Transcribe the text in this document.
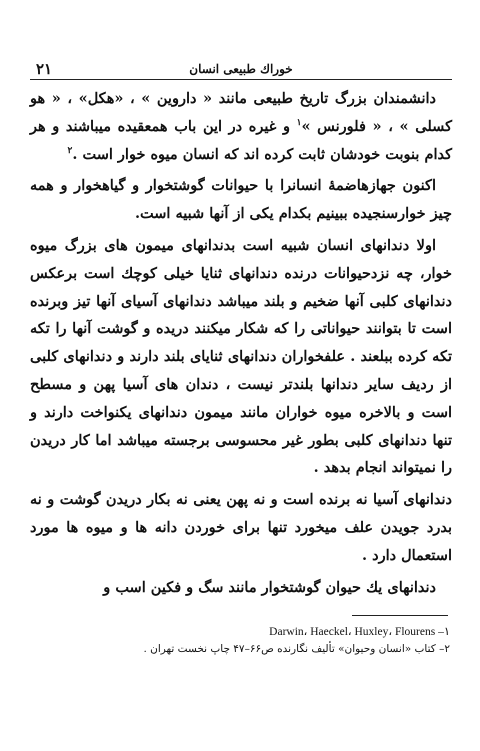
۲۱	خوراك طبیعی انسان

دانشمندان بزرگ تاریخ طبیعی مانند « داروین » ، «هکل» ، « هو کسلی » ، « فلورنس »$^۱$ و غیره در این باب همعقیده میباشند و هر کدام بنوبت خودشان ثابت کرده اند که انسان میوه خوار است .$^۲$

اکنون جهازهاضمهٔ انسانرا با حیوانات گوشتخوار و گیاهخوار و همه چیز خوارسنجیده ببینیم بکدام یکی از آنها شبیه است.

اولا دندانهای انسان شبیه است بدندانهای میمون های بزرگ میوه خوار، چه نزدحیوانات درنده دندانهای ثنایا خیلی کوچك است برعکس دندانهای کلبی آنها ضخیم و بلند میباشد دندانهای آسیای آنها تیز وبرنده است تا بتوانند حیواناتی را که شکار میکنند دریده و گوشت آنها را تکه تکه کرده ببلعند . علفخواران دندانهای ثنایای بلند دارند و دندانهای کلبی از ردیف سایر دندانها بلندتر نیست ، دندان های آسیا پهن و مسطح است و بالاخره میوه خواران مانند میمون دندانهای یکنواخت دارند و تنها دندانهای کلبی بطور غیر محسوسی برجسته میباشد اما کار دریدن را نمیتواند انجام بدهد .

دندانهای آسیا نه برنده است و نه پهن یعنی نه بکار دریدن گوشت و نه بدرد جویدن علف میخورد تنها برای خوردن دانه ها و میوه ها مورد استعمال دارد .

دندانهای یك حیوان گوشتخوار مانند سگ و فکین اسب و

Darwin، Haeckel، Huxley، Flourens –۱
۲– کتاب «انسان وحیوان» تألیف نگارنده ص۶۶–۴۷ چاپ نخست تهران .
